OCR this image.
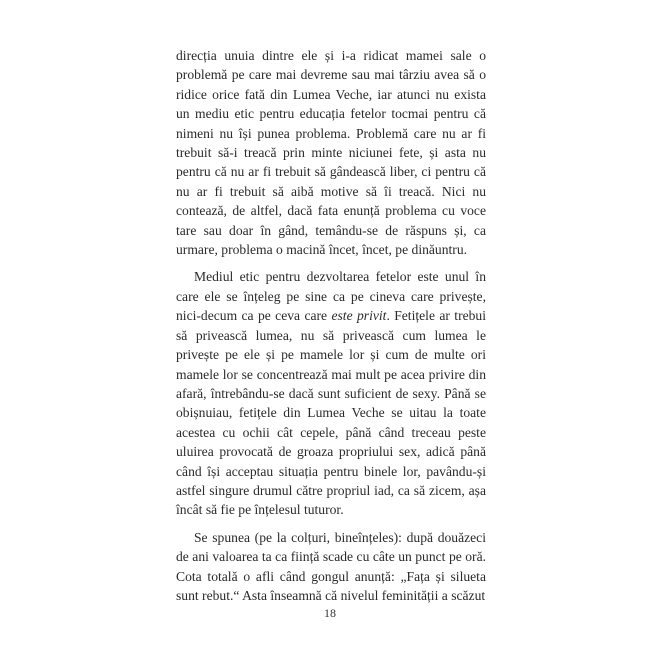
direcția unuia dintre ele și i-a ridicat mamei sale o problemă pe care mai devreme sau mai târziu avea să o ridice orice fată din Lumea Veche, iar atunci nu exista un mediu etic pentru educația fetelor tocmai pentru că nimeni nu își punea problema. Problemă care nu ar fi trebuit să-i treacă prin minte niciunei fete, și asta nu pentru că nu ar fi trebuit să gândească liber, ci pentru că nu ar fi trebuit să aibă motive să îi treacă. Nici nu contează, de altfel, dacă fata enunță problema cu voce tare sau doar în gând, temându-se de răspuns și, ca urmare, problema o macină încet, încet, pe dinăuntru.

Mediul etic pentru dezvoltarea fetelor este unul în care ele se înțeleg pe sine ca pe cineva care privește, nici-decum ca pe ceva care este privit. Fetițele ar trebui să privească lumea, nu să privească cum lumea le privește pe ele și pe mamele lor și cum de multe ori mamele lor se concentrează mai mult pe acea privire din afară, întrebându-se dacă sunt suficient de sexy. Până se obișnuiau, fetițele din Lumea Veche se uitau la toate acestea cu ochii cât cepele, până când treceau peste uluirea provocată de groaza propriului sex, adică până când își acceptau situația pentru binele lor, pavându-și astfel singure drumul către propriul iad, ca să zicem, așa încât să fie pe înțelesul tuturor.

Se spunea (pe la colțuri, bineînțeles): după douăzeci de ani valoarea ta ca ființă scade cu câte un punct pe oră. Cota totală o afli când gongul anunță: „Fața și silueta sunt rebut.“ Asta înseamnă că nivelul feminității a scăzut

18
